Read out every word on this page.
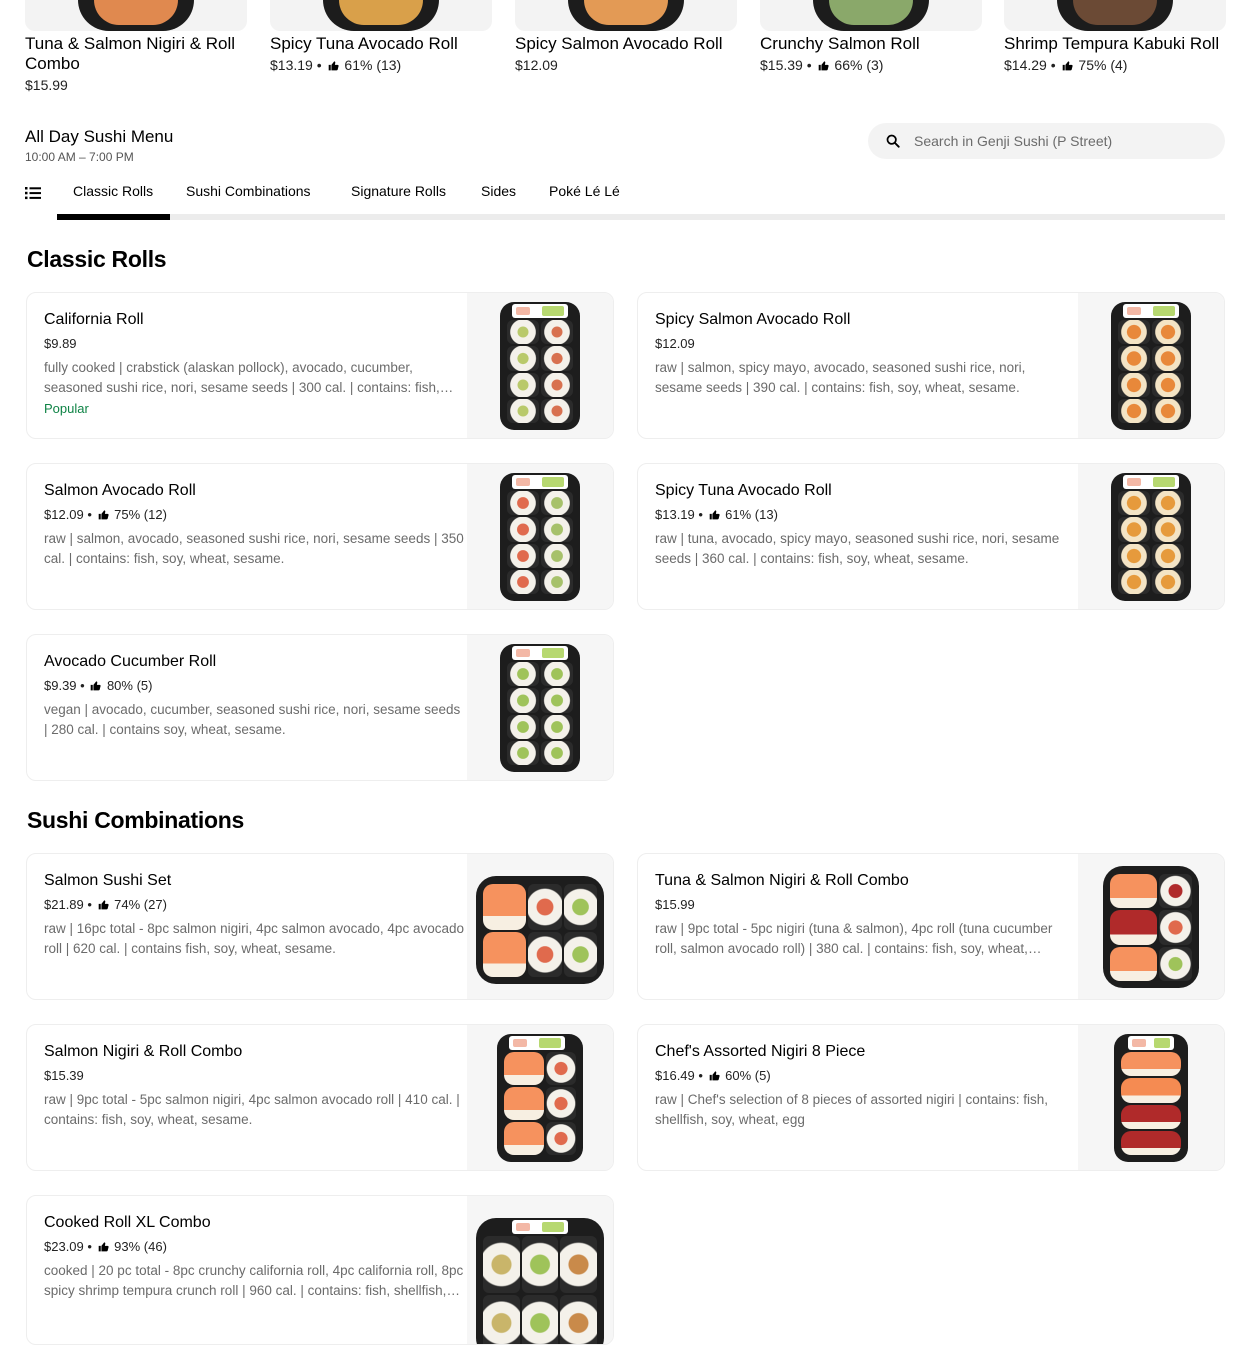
Tuna & Salmon Nigiri & Roll Combo
$15.99
Spicy Tuna Avocado Roll
$13.19 •  61% (13)
Spicy Salmon Avocado Roll
$12.09
Crunchy Salmon Roll
$15.39 •  66% (3)
Shrimp Tempura Kabuki Roll
$14.29 •  75% (4)
All Day Sushi Menu
10:00 AM – 7:00 PM
Search in Genji Sushi (P Street)
Classic Rolls Sushi Combinations	Signature Rolls	Sides Poké Lé Lé
Classic Rolls
California Roll
$9.89
fully cooked | crabstick (alaskan pollock), avocado, cucumber, seasoned sushi rice, nori, sesame seeds | 300 cal. | contains: fish,
Popular
Spicy Salmon Avocado Roll
$12.09
raw | salmon, spicy mayo, avocado, seasoned sushi rice, nori, sesame seeds | 390 cal. | contains: fish, soy, wheat, sesame.
Salmon Avocado Roll
$12.09 •  75% (12)
raw | salmon, avocado, seasoned sushi rice, nori, sesame seeds | 350 cal. | contains: fish, soy, wheat, sesame.
Spicy Tuna Avocado Roll
$13.19 •  61% (13)
raw | tuna, avocado, spicy mayo, seasoned sushi rice, nori, sesame seeds | 360 cal. | contains: fish, soy, wheat, sesame.
Avocado Cucumber Roll
$9.39 •  80% (5)
vegan | avocado, cucumber, seasoned sushi rice, nori, sesame seeds | 280 cal. | contains soy, wheat, sesame.
Sushi Combinations
Salmon Sushi Set
$21.89 •  74% (27)
raw | 16pc total - 8pc salmon nigiri, 4pc salmon avocado, 4pc avocado roll | 620 cal. | contains fish, soy, wheat, sesame.
Tuna & Salmon Nigiri & Roll Combo
$15.99
raw | 9pc total - 5pc nigiri (tuna & salmon), 4pc roll (tuna cucumber roll, salmon avocado roll) | 380 cal. | contains: fish, soy, wheat,
Salmon Nigiri & Roll Combo
$15.39
raw | 9pc total - 5pc salmon nigiri, 4pc salmon avocado roll | 410 cal. | contains: fish, soy, wheat, sesame.
Chef's Assorted Nigiri 8 Piece
$16.49 •  60% (5)
raw | Chef's selection of 8 pieces of assorted nigiri | contains: fish, shellfish, soy, wheat, egg
Cooked Roll XL Combo
$23.09 •  93% (46)
cooked | 20 pc total - 8pc crunchy california roll, 4pc california roll, 8pc spicy shrimp tempura crunch roll | 960 cal. | contains: fish, shellfish,
